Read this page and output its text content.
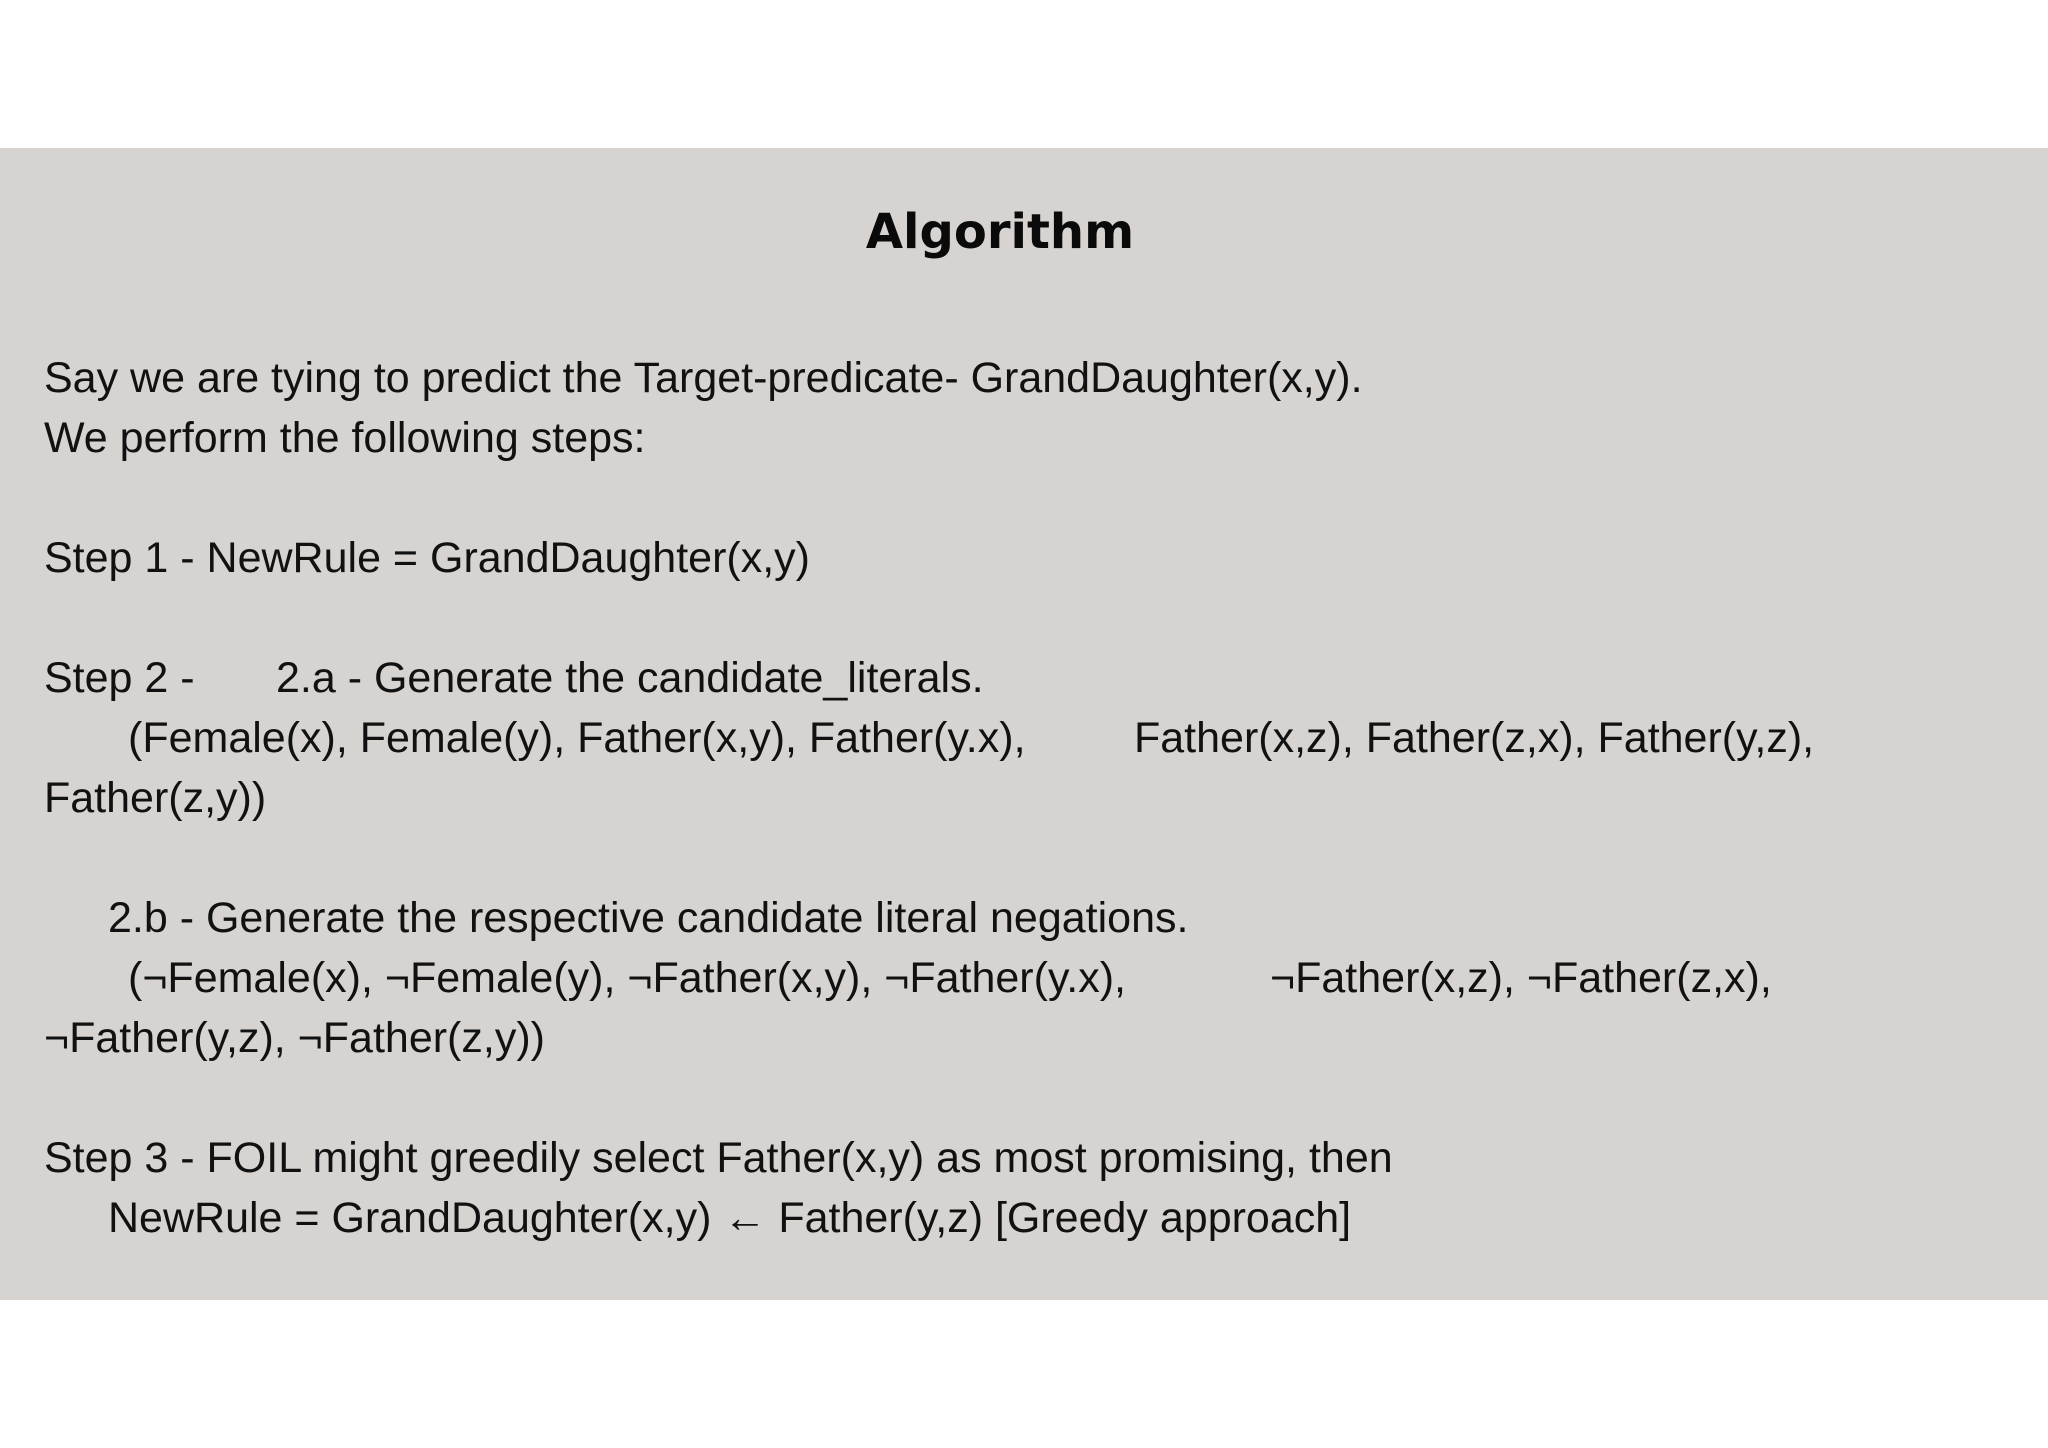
Algorithm
Say we are tying to predict the Target-predicate- GrandDaughter(x,y).
We perform the following steps:
Step 1 - NewRule = GrandDaughter(x,y)
Step 2 - 2.a - Generate the candidate_literals.
(Female(x), Female(y), Father(x,y), Father(y.x),	Father(x,z), Father(z,x), Father(y,z),
Father(z,y))
2.b - Generate the respective candidate literal negations.
(¬Female(x), ¬Female(y), ¬Father(x,y), ¬Father(y.x),	¬Father(x,z), ¬Father(z,x),
¬Father(y,z), ¬Father(z,y))
Step 3 - FOIL might greedily select Father(x,y) as most promising, then
NewRule = GrandDaughter(x,y) ← Father(y,z) [Greedy approach]
